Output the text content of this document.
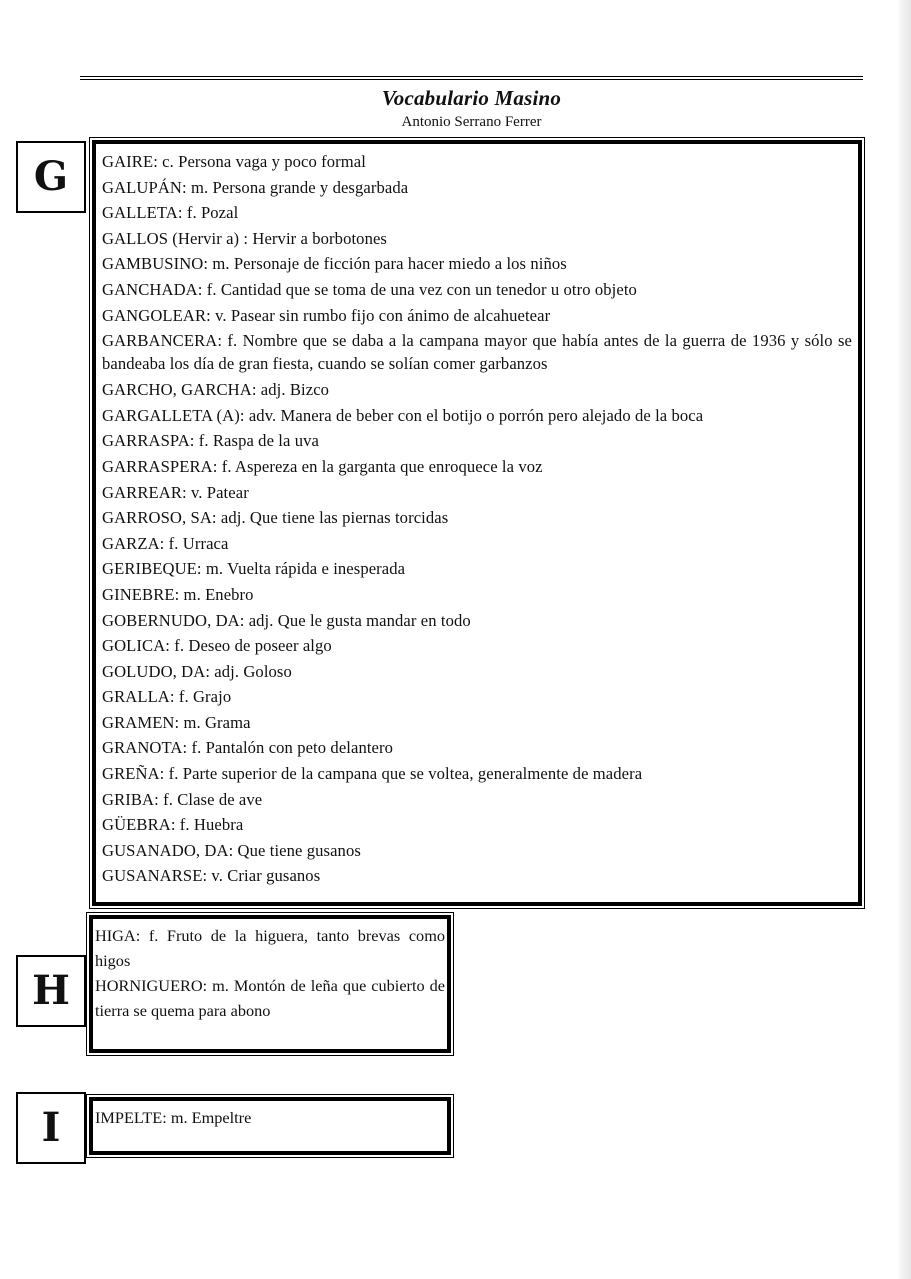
Vocabulario Masino
Antonio Serrano Ferrer
G GAIRE: c. Persona vaga y poco formal
GALUPÁN: m. Persona grande y desgarbada
GALLETA: f. Pozal
GALLOS (Hervir a) : Hervir a borbotones
GAMBUSINO: m. Personaje de ficción para hacer miedo a los niños
GANCHADA: f. Cantidad que se toma de una vez con un tenedor u otro objeto
GANGOLEAR: v. Pasear sin rumbo fijo con ánimo de alcahuetear
GARBANCERA: f. Nombre que se daba a la campana mayor que había antes de la guerra de 1936 y sólo se bandeaba los día de gran fiesta, cuando se solían comer garbanzos
GARCHO, GARCHA: adj. Bizco
GARGALLETA (A): adv. Manera de beber con el botijo o porrón pero alejado de la boca
GARRASPA: f. Raspa de la uva
GARRASPERA: f. Aspereza en la garganta que enroquece la voz
GARREAR: v. Patear
GARROSO, SA: adj. Que tiene las piernas torcidas
GARZA: f. Urraca
GERIBEQUE: m. Vuelta rápida e inesperada
GINEBRE: m. Enebro
GOBERNUDO, DA: adj. Que le gusta mandar en todo
GOLICA: f. Deseo de poseer algo
GOLUDO, DA: adj. Goloso
GRALLA: f. Grajo
GRAMEN: m. Grama
GRANOTA: f. Pantalón con peto delantero
GREÑA: f. Parte superior de la campana que se voltea, generalmente de madera
GRIBA: f. Clase de ave
GÜEBRA: f. Huebra
GUSANADO, DA: Que tiene gusanos
GUSANARSE: v. Criar gusanos
H
HIGA: f. Fruto de la higuera, tanto brevas como higos
HORNIGUERO: m. Montón de leña que cubierto de tierra se quema para abono
I IMPELTE: m. Empeltre
